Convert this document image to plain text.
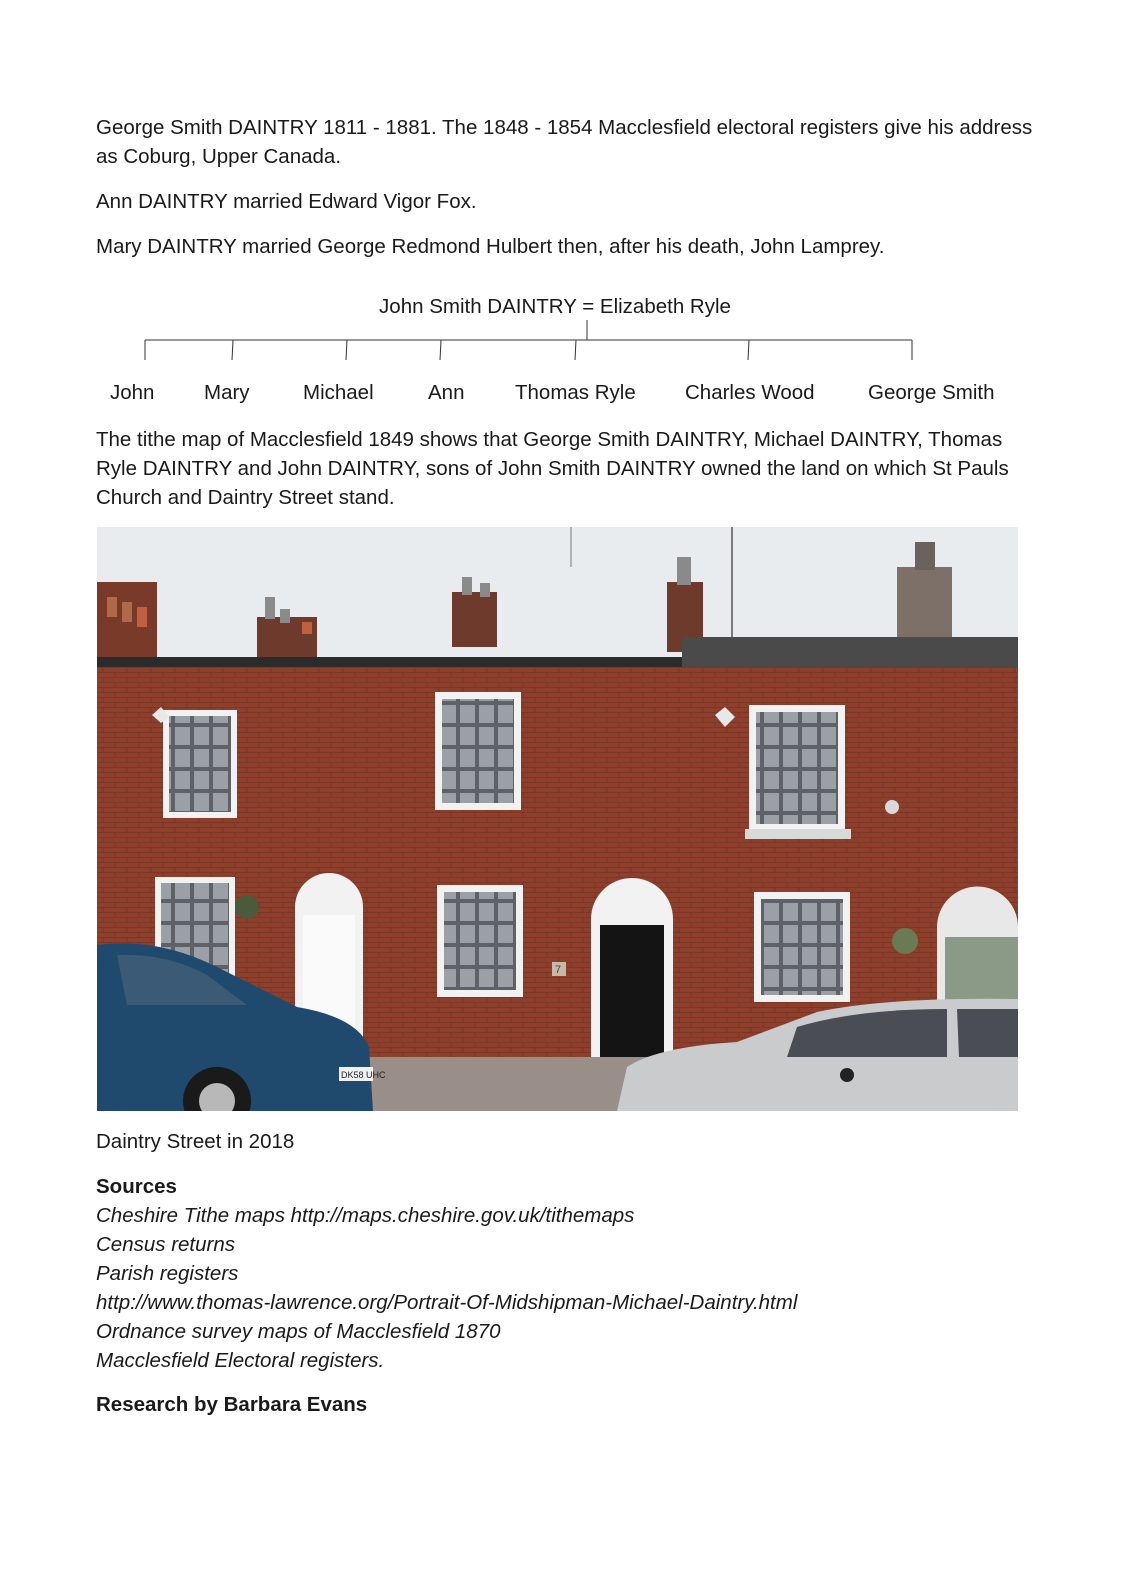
George Smith DAINTRY 1811 - 1881. The 1848 - 1854 Macclesfield electoral registers give his address as Coburg, Upper Canada.

Ann DAINTRY married Edward Vigor Fox.

Mary DAINTRY married George Redmond Hulbert then, after his death, John Lamprey.

John Smith DAINTRY = Elizabeth Ryle
John Mary	Michael	Ann Thomas Ryle Charles Wood	George Smith

The tithe map of Macclesfield 1849 shows that George Smith DAINTRY, Michael DAINTRY, Thomas Ryle DAINTRY and John DAINTRY, sons of John Smith DAINTRY owned the land on which St Pauls Church and Daintry Street stand.

7
DK58 UHC

Daintry Street in 2018

Sources

Cheshire Tithe maps http://maps.cheshire.gov.uk/tithemaps
Census returns
Parish registers
http://www.thomas-lawrence.org/Portrait-Of-Midshipman-Michael-Daintry.html
Ordnance survey maps of Macclesfield 1870
Macclesfield Electoral registers.

Research by Barbara Evans
